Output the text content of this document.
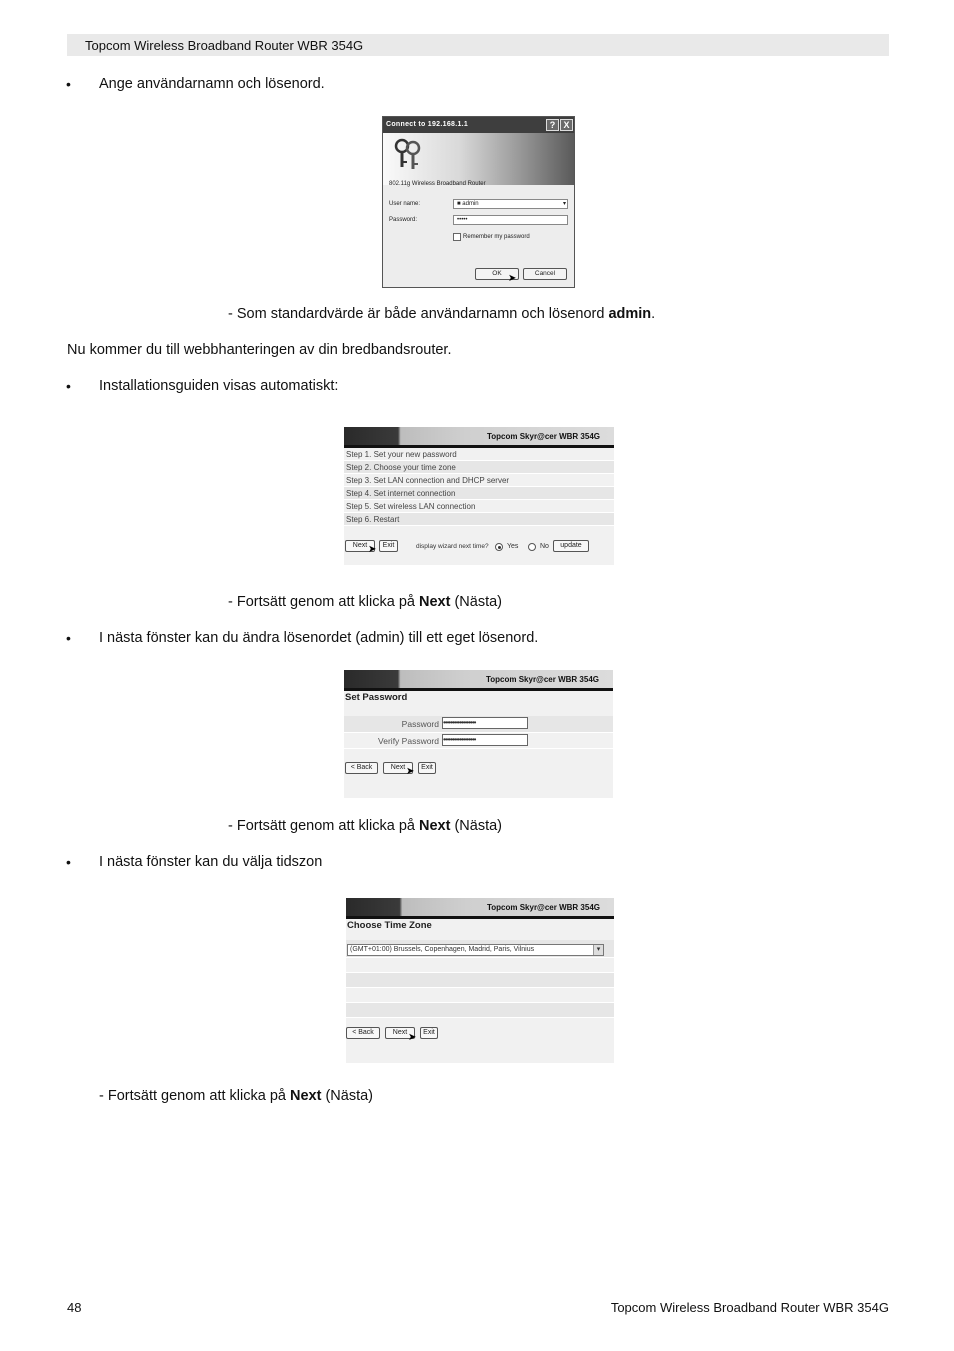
Topcom Wireless Broadband Router WBR 354G
• Ange användarnamn och lösenord.
Connect to 192.168.1.1	? X
802.11g Wireless Broadband Router
User name:	■ admin	▾
Password:	•••••
Remember my password
OK	Cancel
➤
- Som standardvärde är både användarnamn och lösenord admin.
Nu kommer du till webbhanteringen av din bredbandsrouter.
• Installationsguiden visas automatiskt:
Topcom Skyr@cer WBR 354G
Step 1. Set your new password
Step 2. Choose your time zone
Step 3. Set LAN connection and DHCP server
Step 4. Set internet connection
Step 5. Set wireless LAN connection
Step 6. Restart
Next	Exit
➤	display wizard next time?	Yes	No	update
- Fortsätt genom att klicka på Next (Nästa)
• I nästa fönster kan du ändra lösenordet (admin) till ett eget lösenord.
Topcom Skyr@cer WBR 354G
Set Password
Password ••••••••••••••••••
Verify Password ••••••••••••••••••
< Back	Next	Exit
➤
- Fortsätt genom att klicka på Next (Nästa)
• I nästa fönster kan du välja tidszon
Topcom Skyr@cer WBR 354G
Choose Time Zone
(GMT+01:00) Brussels, Copenhagen, Madrid, Paris, Vilnius	▾
< Back	Next	Exit
➤
- Fortsätt genom att klicka på Next (Nästa)
48	Topcom Wireless Broadband Router WBR 354G
